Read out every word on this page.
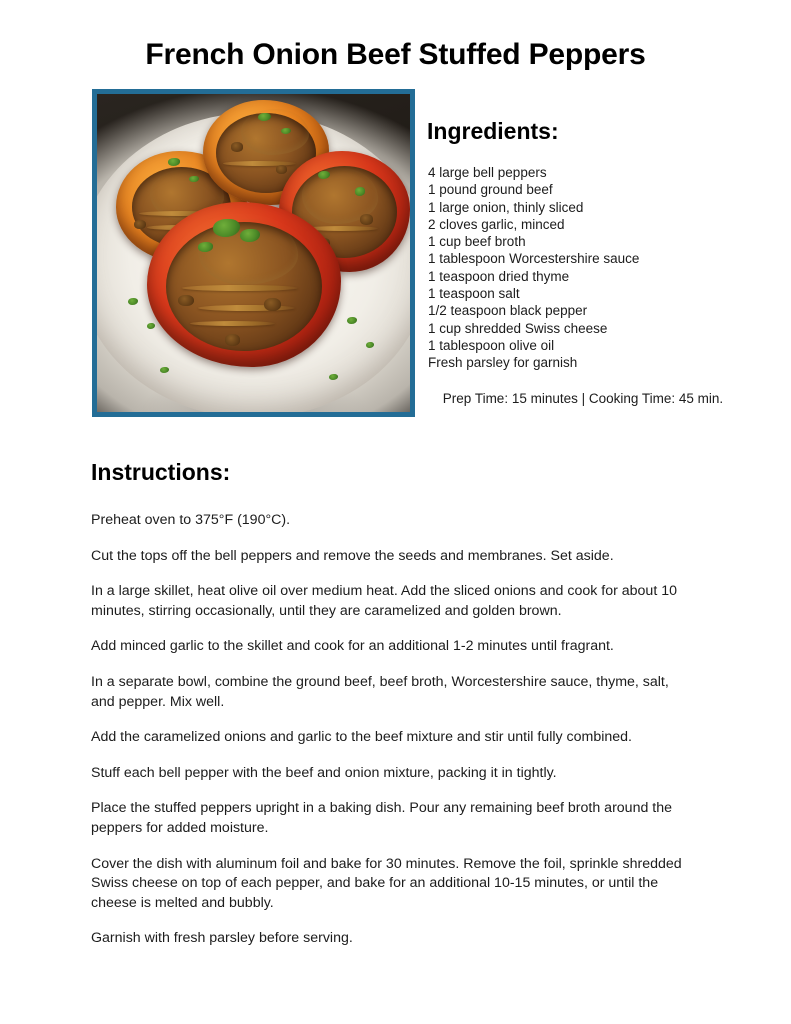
French Onion Beef Stuffed Peppers
Ingredients:
4 large bell peppers
1 pound ground beef
1 large onion, thinly sliced
2 cloves garlic, minced
1 cup beef broth
1 tablespoon Worcestershire sauce
1 teaspoon dried thyme
1 teaspoon salt
1/2 teaspoon black pepper
1 cup shredded Swiss cheese
1 tablespoon olive oil
Fresh parsley for garnish
Prep Time: 15 minutes | Cooking Time: 45 min.
Instructions:

Preheat oven to 375°F (190°C).

Cut the tops off the bell peppers and remove the seeds and membranes. Set aside.

In a large skillet, heat olive oil over medium heat. Add the sliced onions and cook for about 10 minutes, stirring occasionally, until they are caramelized and golden brown.

Add minced garlic to the skillet and cook for an additional 1-2 minutes until fragrant.

In a separate bowl, combine the ground beef, beef broth, Worcestershire sauce, thyme, salt, and pepper. Mix well.

Add the caramelized onions and garlic to the beef mixture and stir until fully combined.

Stuff each bell pepper with the beef and onion mixture, packing it in tightly.

Place the stuffed peppers upright in a baking dish. Pour any remaining beef broth around the peppers for added moisture.

Cover the dish with aluminum foil and bake for 30 minutes. Remove the foil, sprinkle shredded Swiss cheese on top of each pepper, and bake for an additional 10-15 minutes, or until the cheese is melted and bubbly.

Garnish with fresh parsley before serving.
